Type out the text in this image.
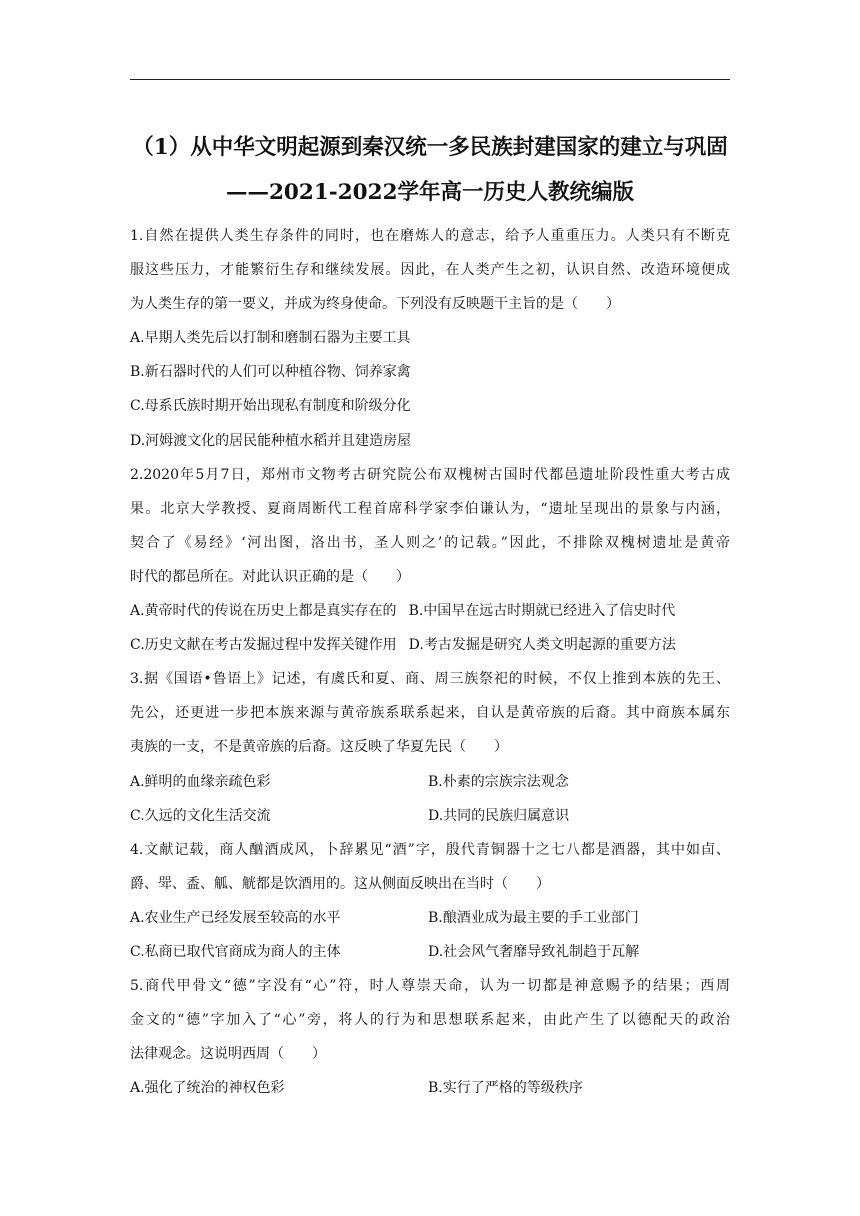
（1）从中华文明起源到秦汉统一多民族封建国家的建立与巩固
——2021-2022学年高一历史人教统编版
1.自然在提供人类生存条件的同时，也在磨炼人的意志，给予人重重压力。人类只有不断克
服这些压力，才能繁衍生存和继续发展。因此，在人类产生之初，认识自然、改造环境便成
为人类生存的第一要义，并成为终身使命。下列没有反映题干主旨的是（　　）
A.早期人类先后以打制和磨制石器为主要工具
B.新石器时代的人们可以种植谷物、饲养家禽
C.母系氏族时期开始出现私有制度和阶级分化
D.河姆渡文化的居民能种植水稻并且建造房屋
2.2020年5月7日，郑州市文物考古研究院公布双槐树古国时代都邑遗址阶段性重大考古成
果。北京大学教授、夏商周断代工程首席科学家李伯谦认为，“遗址呈现出的景象与内涵，
契合了《易经》‘河出图，洛出书，圣人则之’的记载。”因此，不排除双槐树遗址是黄帝
时代的都邑所在。对此认识正确的是（　　）
A.黄帝时代的传说在历史上都是真实存在的 B.中国早在远古时期就已经进入了信史时代
C.历史文献在考古发掘过程中发挥关键作用 D.考古发掘是研究人类文明起源的重要方法
3.据《国语•鲁语上》记述，有虞氏和夏、商、周三族祭祀的时候，不仅上推到本族的先王、
先公，还更进一步把本族来源与黄帝族系联系起来，自认是黄帝族的后裔。其中商族本属东
夷族的一支，不是黄帝族的后裔。这反映了华夏先民（　　）
A.鲜明的血缘亲疏色彩	B.朴素的宗族宗法观念
C.久远的文化生活交流	D.共同的民族归属意识
4.文献记载，商人酗酒成风，卜辞累见“酒”字，殷代青铜器十之七八都是酒器，其中如卣、
爵、斝、盉、觚、觥都是饮酒用的。这从侧面反映出在当时（　　）
A.农业生产已经发展至较高的水平	B.酿酒业成为最主要的手工业部门
C.私商已取代官商成为商人的主体	D.社会风气奢靡导致礼制趋于瓦解
5.商代甲骨文“德”字没有“心”符，时人尊崇天命，认为一切都是神意赐予的结果；西周
金文的“德”字加入了“心”旁，将人的行为和思想联系起来，由此产生了以德配天的政治
法律观念。这说明西周（　　）
A.强化了统治的神权色彩	B.实行了严格的等级秩序
